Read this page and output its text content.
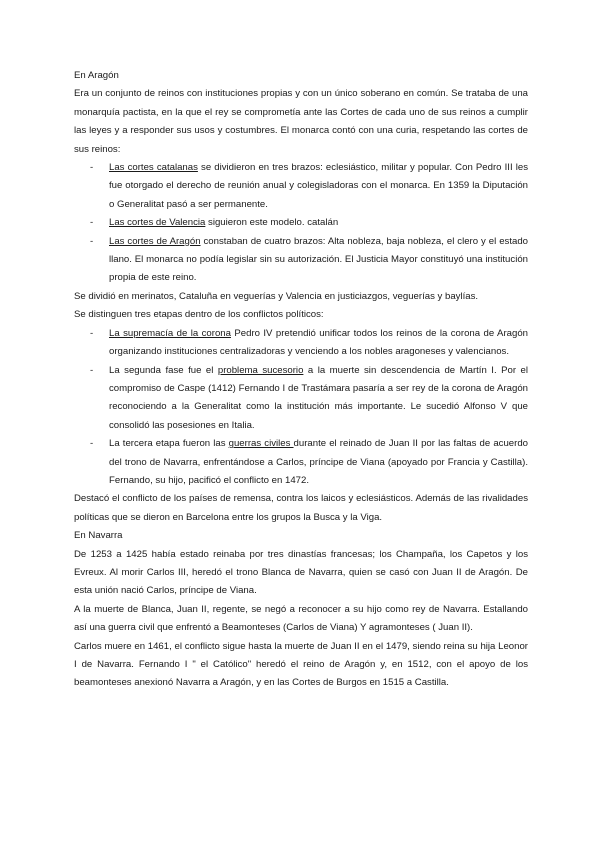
En Aragón

Era un conjunto de reinos con instituciones propias y con un único soberano en común. Se trataba de una monarquía pactista, en la que el rey se comprometía ante las Cortes de cada uno de sus reinos a cumplir las leyes y a responder sus usos y costumbres. El monarca contó con una curia, respetando las cortes de sus reinos:

- Las cortes catalanas se dividieron en tres brazos: eclesiástico, militar y popular. Con Pedro III les fue otorgado el derecho de reunión anual y colegisladoras con el monarca. En 1359 la Diputación o Generalitat pasó a ser permanente.
- Las cortes de Valencia siguieron este modelo. catalán
- Las cortes de Aragón constaban de cuatro brazos: Alta nobleza, baja nobleza, el clero y el estado llano. El monarca no podía legislar sin su autorización. El Justicia Mayor constituyó una institución propia de este reino.

Se dividió en merinatos, Cataluña en veguerías y Valencia en justiciazgos, veguerías y baylías.

Se distinguen tres etapas dentro de los conflictos políticos:

- La supremacía de la corona Pedro IV pretendió unificar todos los reinos de la corona de Aragón organizando instituciones centralizadoras y venciendo a los nobles aragoneses y valencianos.
- La segunda fase fue el problema sucesorio a la muerte sin descendencia de Martín I. Por el compromiso de Caspe (1412) Fernando I de Trastámara pasaría a ser rey de la corona de Aragón reconociendo a la Generalitat como la institución más importante. Le sucedió Alfonso V que consolidó las posesiones en Italia.
- La tercera etapa fueron las guerras civiles durante el reinado de Juan II por las faltas de acuerdo del trono de Navarra, enfrentándose a Carlos, príncipe de Viana (apoyado por Francia y Castilla). Fernando, su hijo, pacificó el conflicto en 1472.

Destacó el conflicto de los países de remensa, contra los laicos y eclesiásticos. Además de las rivalidades políticas que se dieron en Barcelona entre los grupos la Busca y la Viga.

En Navarra

De 1253 a 1425 había estado reinaba por tres dinastías francesas; los Champaña, los Capetos y los Evreux. Al morir Carlos III, heredó el trono Blanca de Navarra, quien se casó con Juan II de Aragón. De esta unión nació Carlos, príncipe de Viana.

A la muerte de Blanca, Juan II, regente, se negó a reconocer a su hijo como rey de Navarra. Estallando así una guerra civil que enfrentó a Beamonteses (Carlos de Viana) Y agramonteses ( Juan II).

Carlos muere en 1461, el conflicto sigue hasta la muerte de Juan II en el 1479, siendo reina su hija Leonor I de Navarra. Fernando I " el Católico" heredó el reino de Aragón y, en 1512, con el apoyo de los beamonteses anexionó Navarra a Aragón, y en las Cortes de Burgos en 1515 a Castilla.
